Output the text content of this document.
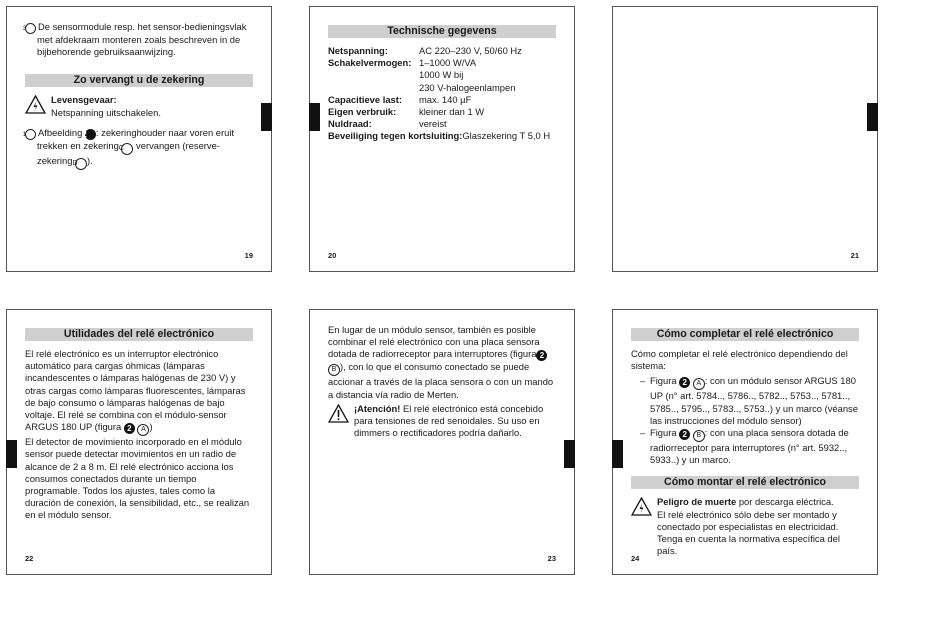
3 De sensormodule resp. het sensor-bedieningsvlak met afdekraam monteren zoals beschreven in de bijbehorende gebruiksaanwijzing.

Zo vervangt u de zekering

Levensgevaar:

Netspanning uitschakelen.

1 Afbeelding 2 : zekeringhouder naar voren eruit trekken en zekering C vervangen (reserve-zekering D ).

19
Technische gegevens
Netspanning:	AC 220–230 V, 50/60 Hz
Schakelvermogen:	1–1000 W/VA
	1000 W bij
	230 V-halogeenlampen
Capacitieve last:	max. 140 µF
Eigen verbruik:	kleiner dan 1 W
Nuldraad:	vereist

Beveiliging tegen kortsluiting:Glaszekering T 5,0 H

20	21
Utilidades del relé electrónico

El relé electrónico es un interruptor electrónico automático para cargas óhmicas (lámparas incandescentes o lámparas halógenas de 230 V) y otras cargas como lámparas fluorescentes, lámparas de bajo consumo o lámparas halógenas de bajo voltaje. El relé se combina con el módulo-sensor ARGUS 180 UP (figura 2 A )

El detector de movimiento incorporado en el módulo sensor puede detectar movimientos en un radio de alcance de 2 a 8 m. El relé electrónico acciona los consumos conectados durante un tiempo programable. Todos los ajustes, tales como la duración de conexión, la sensibilidad, etc., se realizan en el módulo sensor.

22

En lugar de un módulo sensor, también es posible combinar el relé electrónico con una placa sensora dotada de radiorreceptor para interruptores (figura 2 B ), con lo que el consumo conectado se puede accionar a través de la placa sensora o con un mando a distancia vía radio de Merten.

¡Atención! El relé electrónico está concebido para tensiones de red senoidales. Su uso en dimmers o rectificadores podría dañarlo.

23
Cómo completar el relé electrónico

Cómo completar el relé electrónico dependiendo del sistema:

– Figura 2 A : con un módulo sensor ARGUS 180 UP (n° art. 5784.., 5786.., 5782.., 5753.., 5781.., 5785.., 5795.., 5783.., 5753..) y un marco (véanse las instrucciones del módulo sensor)

– Figura 2 B : con una placa sensora dotada de radiorreceptor para interruptores (n° art. 5932.., 5933..) y un marco.

Cómo montar el relé electrónico

Peligro de muerte por descarga eléctrica.

El relé electrónico sólo debe ser montado y conectado por especialistas en electricidad. Tenga en cuenta la normativa específica del país.

24
